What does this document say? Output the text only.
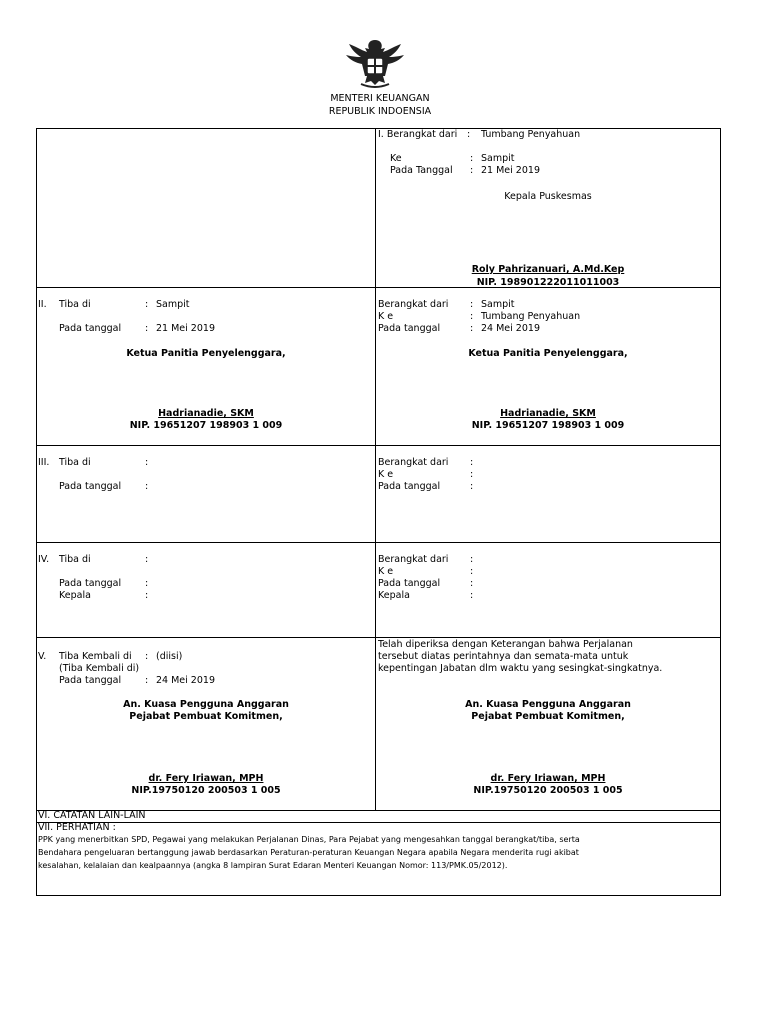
MENTERI KEUANGAN
REPUBLIK INDOENSIA
I. Berangkat dari : Tumbang Penyahuan
Ke	: Sampit
Pada Tanggal : 21 Mei 2019
Kepala Puskesmas
Roly Pahrizanuari, A.Md.Kep
NIP. 198901222011011003
II. Tiba di	: Sampit
Pada tanggal	: 21 Mei 2019
Ketua Panitia Penyelenggara,
Hadrianadie, SKM
NIP. 19651207 198903 1 009
Berangkat dari : Sampit
K e	: Tumbang Penyahuan
Pada tanggal	: 24 Mei 2019
Ketua Panitia Penyelenggara,
Hadrianadie, SKM
NIP. 19651207 198903 1 009
III. Tiba di	:
Pada tanggal	:
Berangkat dari :
K e	:
Pada tanggal	:
IV. Tiba di	:
Pada tanggal	:
Kepala	:
Berangkat dari :
K e	:
Pada tanggal	:
Kepala	:
V. Tiba Kembali di : (diisi)
(Tiba Kembali di)
Pada tanggal	: 24 Mei 2019
An. Kuasa Pengguna Anggaran
Pejabat Pembuat Komitmen,
dr. Fery Iriawan, MPH
NIP.19750120 200503 1 005
Telah diperiksa dengan Keterangan bahwa Perjalanan
tersebut diatas perintahnya dan semata-mata untuk
kepentingan Jabatan dlm waktu yang sesingkat-singkatnya.
An. Kuasa Pengguna Anggaran
Pejabat Pembuat Komitmen,
dr. Fery Iriawan, MPH
NIP.19750120 200503 1 005
VI. CATATAN LAIN-LAIN
VII. PERHATIAN :
PPK yang menerbitkan SPD, Pegawai yang melakukan Perjalanan Dinas, Para Pejabat yang mengesahkan tanggal berangkat/tiba, serta
Bendahara pengeluaran bertanggung jawab berdasarkan Peraturan-peraturan Keuangan Negara apabila Negara menderita rugi akibat
kesalahan, kelalaian dan kealpaannya (angka 8 lampiran Surat Edaran Menteri Keuangan Nomor: 113/PMK.05/2012).
